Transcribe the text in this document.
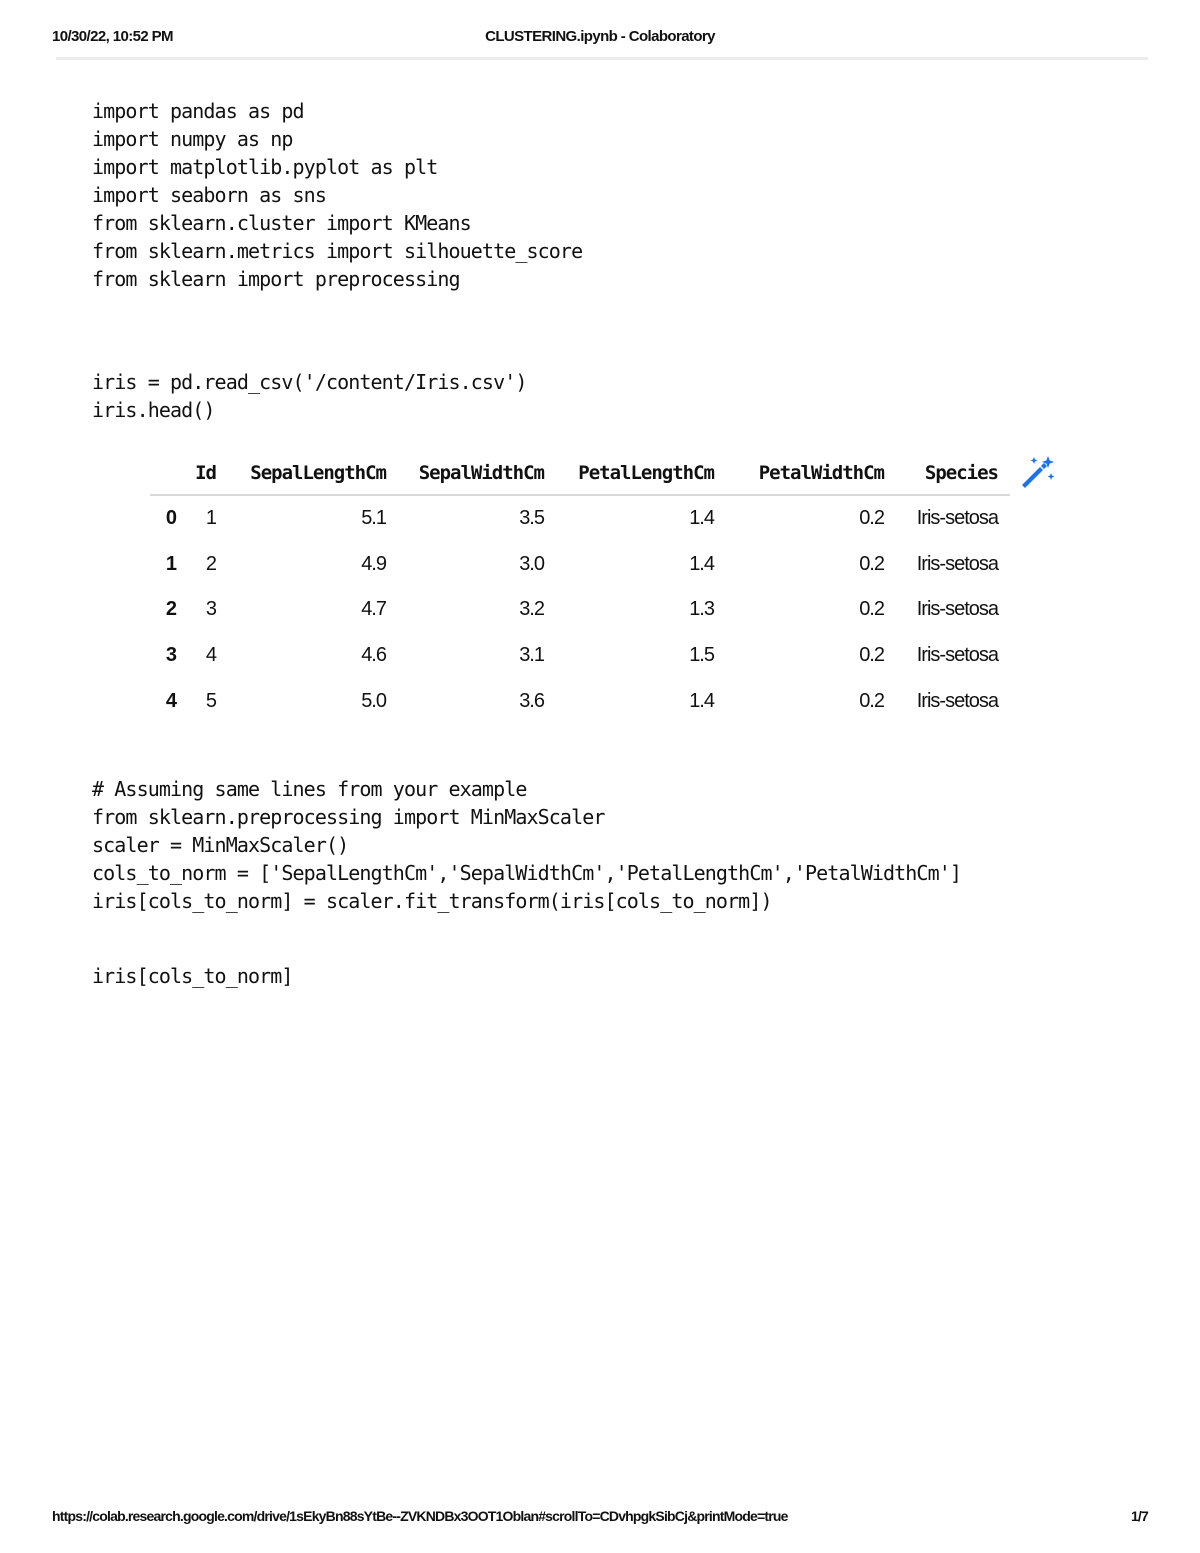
10/30/22, 10:52 PM	CLUSTERING.ipynb - Colaboratory
import pandas as pd
import numpy as np
import matplotlib.pyplot as plt
import seaborn as sns
from sklearn.cluster import KMeans
from sklearn.metrics import silhouette_score
from sklearn import preprocessing
iris = pd.read_csv('/content/Iris.csv')
iris.head()
	Id	SepalLengthCm	SepalWidthCm	PetalLengthCm	PetalWidthCm	Species
0	1	5.1	3.5	1.4	0.2	Iris-setosa
1	2	4.9	3.0	1.4	0.2	Iris-setosa
2	3	4.7	3.2	1.3	0.2	Iris-setosa
3	4	4.6	3.1	1.5	0.2	Iris-setosa
4	5	5.0	3.6	1.4	0.2	Iris-setosa
# Assuming same lines from your example
from sklearn.preprocessing import MinMaxScaler
scaler = MinMaxScaler()
cols_to_norm = ['SepalLengthCm','SepalWidthCm','PetalLengthCm','PetalWidthCm']
iris[cols_to_norm] = scaler.fit_transform(iris[cols_to_norm])
iris[cols_to_norm]
https://colab.research.google.com/drive/1sEkyBn88sYtBe--ZVKNDBx3OOT1Oblan#scrollTo=CDvhpgkSibCj&printMode=true	1/7
